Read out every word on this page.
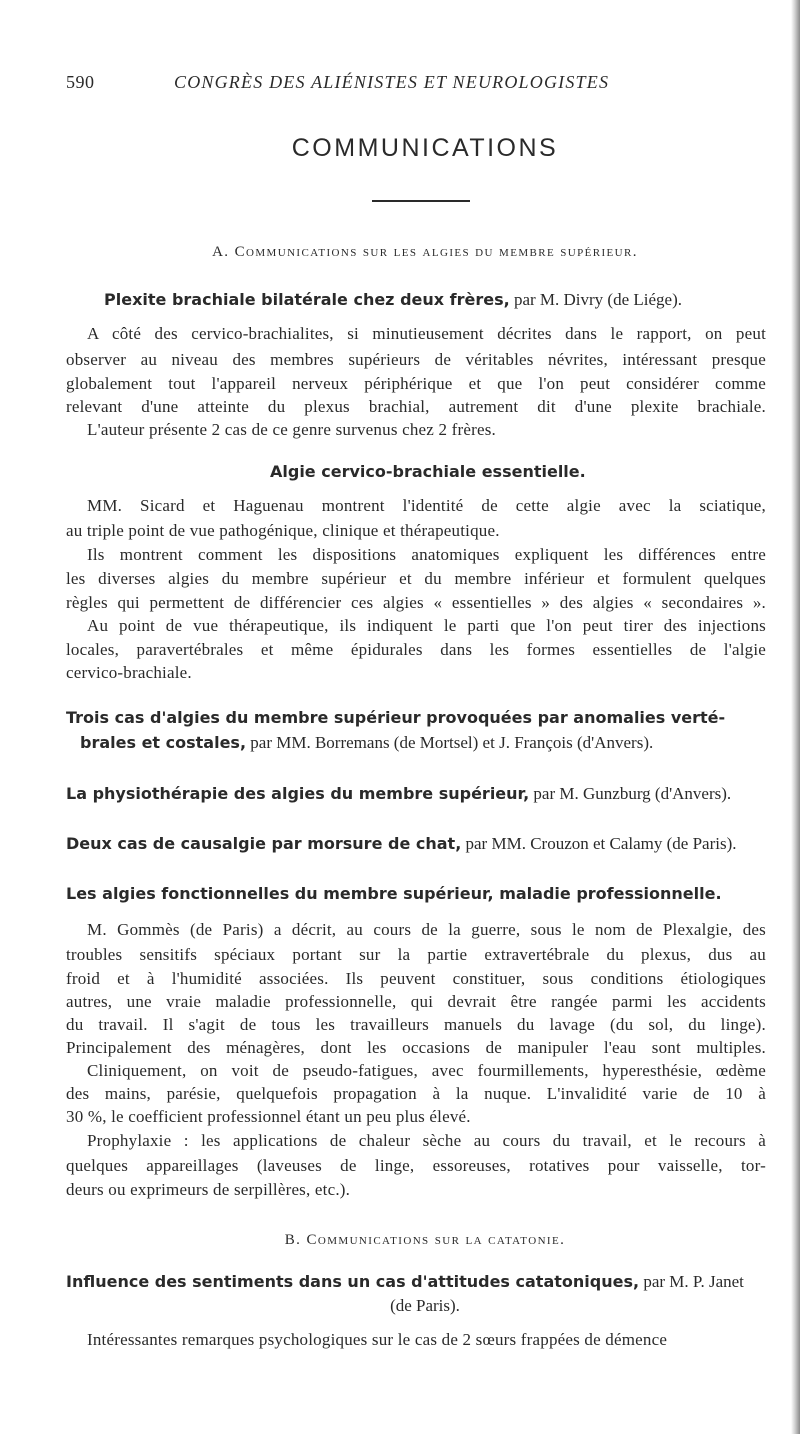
590	CONGRÈS DES ALIÉNISTES ET NEUROLOGISTES
COMMUNICATIONS
A. Communications sur les algies du membre supérieur.
Plexite brachiale bilatérale chez deux frères, par M. Divry (de Liége).
A côté des cervico-brachialites, si minutieusement décrites dans le rapport, on peut
observer au niveau des membres supérieurs de véritables névrites, intéressant presque
globalement tout l'appareil nerveux périphérique et que l'on peut considérer comme
relevant d'une atteinte du plexus brachial, autrement dit d'une plexite brachiale.
L'auteur présente 2 cas de ce genre survenus chez 2 frères.
Algie cervico-brachiale essentielle.
MM. Sicard et Haguenau montrent l'identité de cette algie avec la sciatique,
au triple point de vue pathogénique, clinique et thérapeutique.
Ils montrent comment les dispositions anatomiques expliquent les différences entre
les diverses algies du membre supérieur et du membre inférieur et formulent quelques
règles qui permettent de différencier ces algies « essentielles » des algies « secondaires ».
Au point de vue thérapeutique, ils indiquent le parti que l'on peut tirer des injections
locales, paravertébrales et même épidurales dans les formes essentielles de l'algie
cervico-brachiale.
Trois cas d'algies du membre supérieur provoquées par anomalies verté-
brales et costales, par MM. Borremans (de Mortsel) et J. François (d'Anvers).
La physiothérapie des algies du membre supérieur, par M. Gunzburg (d'Anvers).
Deux cas de causalgie par morsure de chat, par MM. Crouzon et Calamy (de Paris).
Les algies fonctionnelles du membre supérieur, maladie professionnelle.
M. Gommès (de Paris) a décrit, au cours de la guerre, sous le nom de Plexalgie, des
troubles sensitifs spéciaux portant sur la partie extravertébrale du plexus, dus au
froid et à l'humidité associées. Ils peuvent constituer, sous conditions étiologiques
autres, une vraie maladie professionnelle, qui devrait être rangée parmi les accidents
du travail. Il s'agit de tous les travailleurs manuels du lavage (du sol, du linge).
Principalement des ménagères, dont les occasions de manipuler l'eau sont multiples.
Cliniquement, on voit de pseudo-fatigues, avec fourmillements, hyperesthésie, œdème
des mains, parésie, quelquefois propagation à la nuque. L'invalidité varie de 10 à
30 %, le coefficient professionnel étant un peu plus élevé.
Prophylaxie : les applications de chaleur sèche au cours du travail, et le recours à
quelques appareillages (laveuses de linge, essoreuses, rotatives pour vaisselle, tor-
deurs ou exprimeurs de serpillères, etc.).
B. Communications sur la catatonie.
Influence des sentiments dans un cas d'attitudes catatoniques, par M. P. Janet
(de Paris).
Intéressantes remarques psychologiques sur le cas de 2 sœurs frappées de démence
